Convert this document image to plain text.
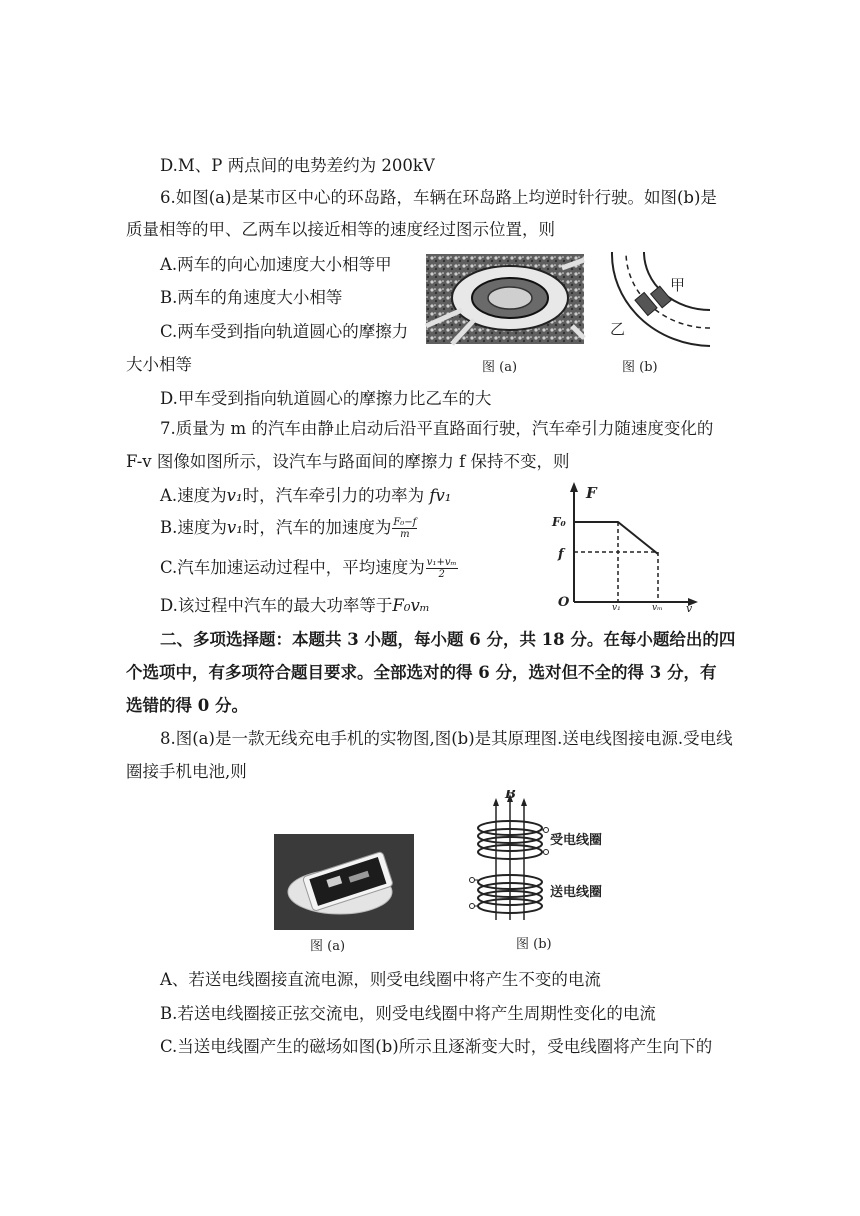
D.M、P 两点间的电势差约为 200kV
6.如图(a)是某市区中心的环岛路，车辆在环岛路上均逆时针行驶。如图(b)是
质量相等的甲、乙两车以接近相等的速度经过图示位置，则
A.两车的向心加速度大小相等甲
B.两车的角速度大小相等
C.两车受到指向轨道圆心的摩擦力
大小相等
D.甲车受到指向轨道圆心的摩擦力比乙车的大
图 (a)
甲
乙
图 (b)
7.质量为 m 的汽车由静止启动后沿平直路面行驶，汽车牵引力随速度变化的
F-v 图像如图所示，设汽车与路面间的摩擦力 f 保持不变，则
A.速度为v₁时，汽车牵引力的功率为 fv₁
B.速度为v₁时，汽车的加速度为 $\frac{\text{F₀−f}}{m}$
C.汽车加速运动过程中，平均速度为 $\frac{\text{v₁+vₘ}}{2}$
D.该过程中汽车的最大功率等于F₀vₘ
F
F₀
f
O	v₁	vₘ v
二、多项选择题：本题共 3 小题，每小题 6 分，共 18 分。在每小题给出的四
个选项中，有多项符合题目要求。全部选对的得 6 分，选对但不全的得 3 分，有
选错的得 0 分。
8.图(a)是一款无线充电手机的实物图,图(b)是其原理图.送电线图接电源.受电线
圈接手机电池,则
图 (a)
B
受电线圈
送电线圈
图 (b)
A、若送电线圈接直流电源，则受电线圈中将产生不变的电流
B.若送电线圈接正弦交流电，则受电线圈中将产生周期性变化的电流
C.当送电线圈产生的磁场如图(b)所示且逐渐变大时，受电线圈将产生向下的
